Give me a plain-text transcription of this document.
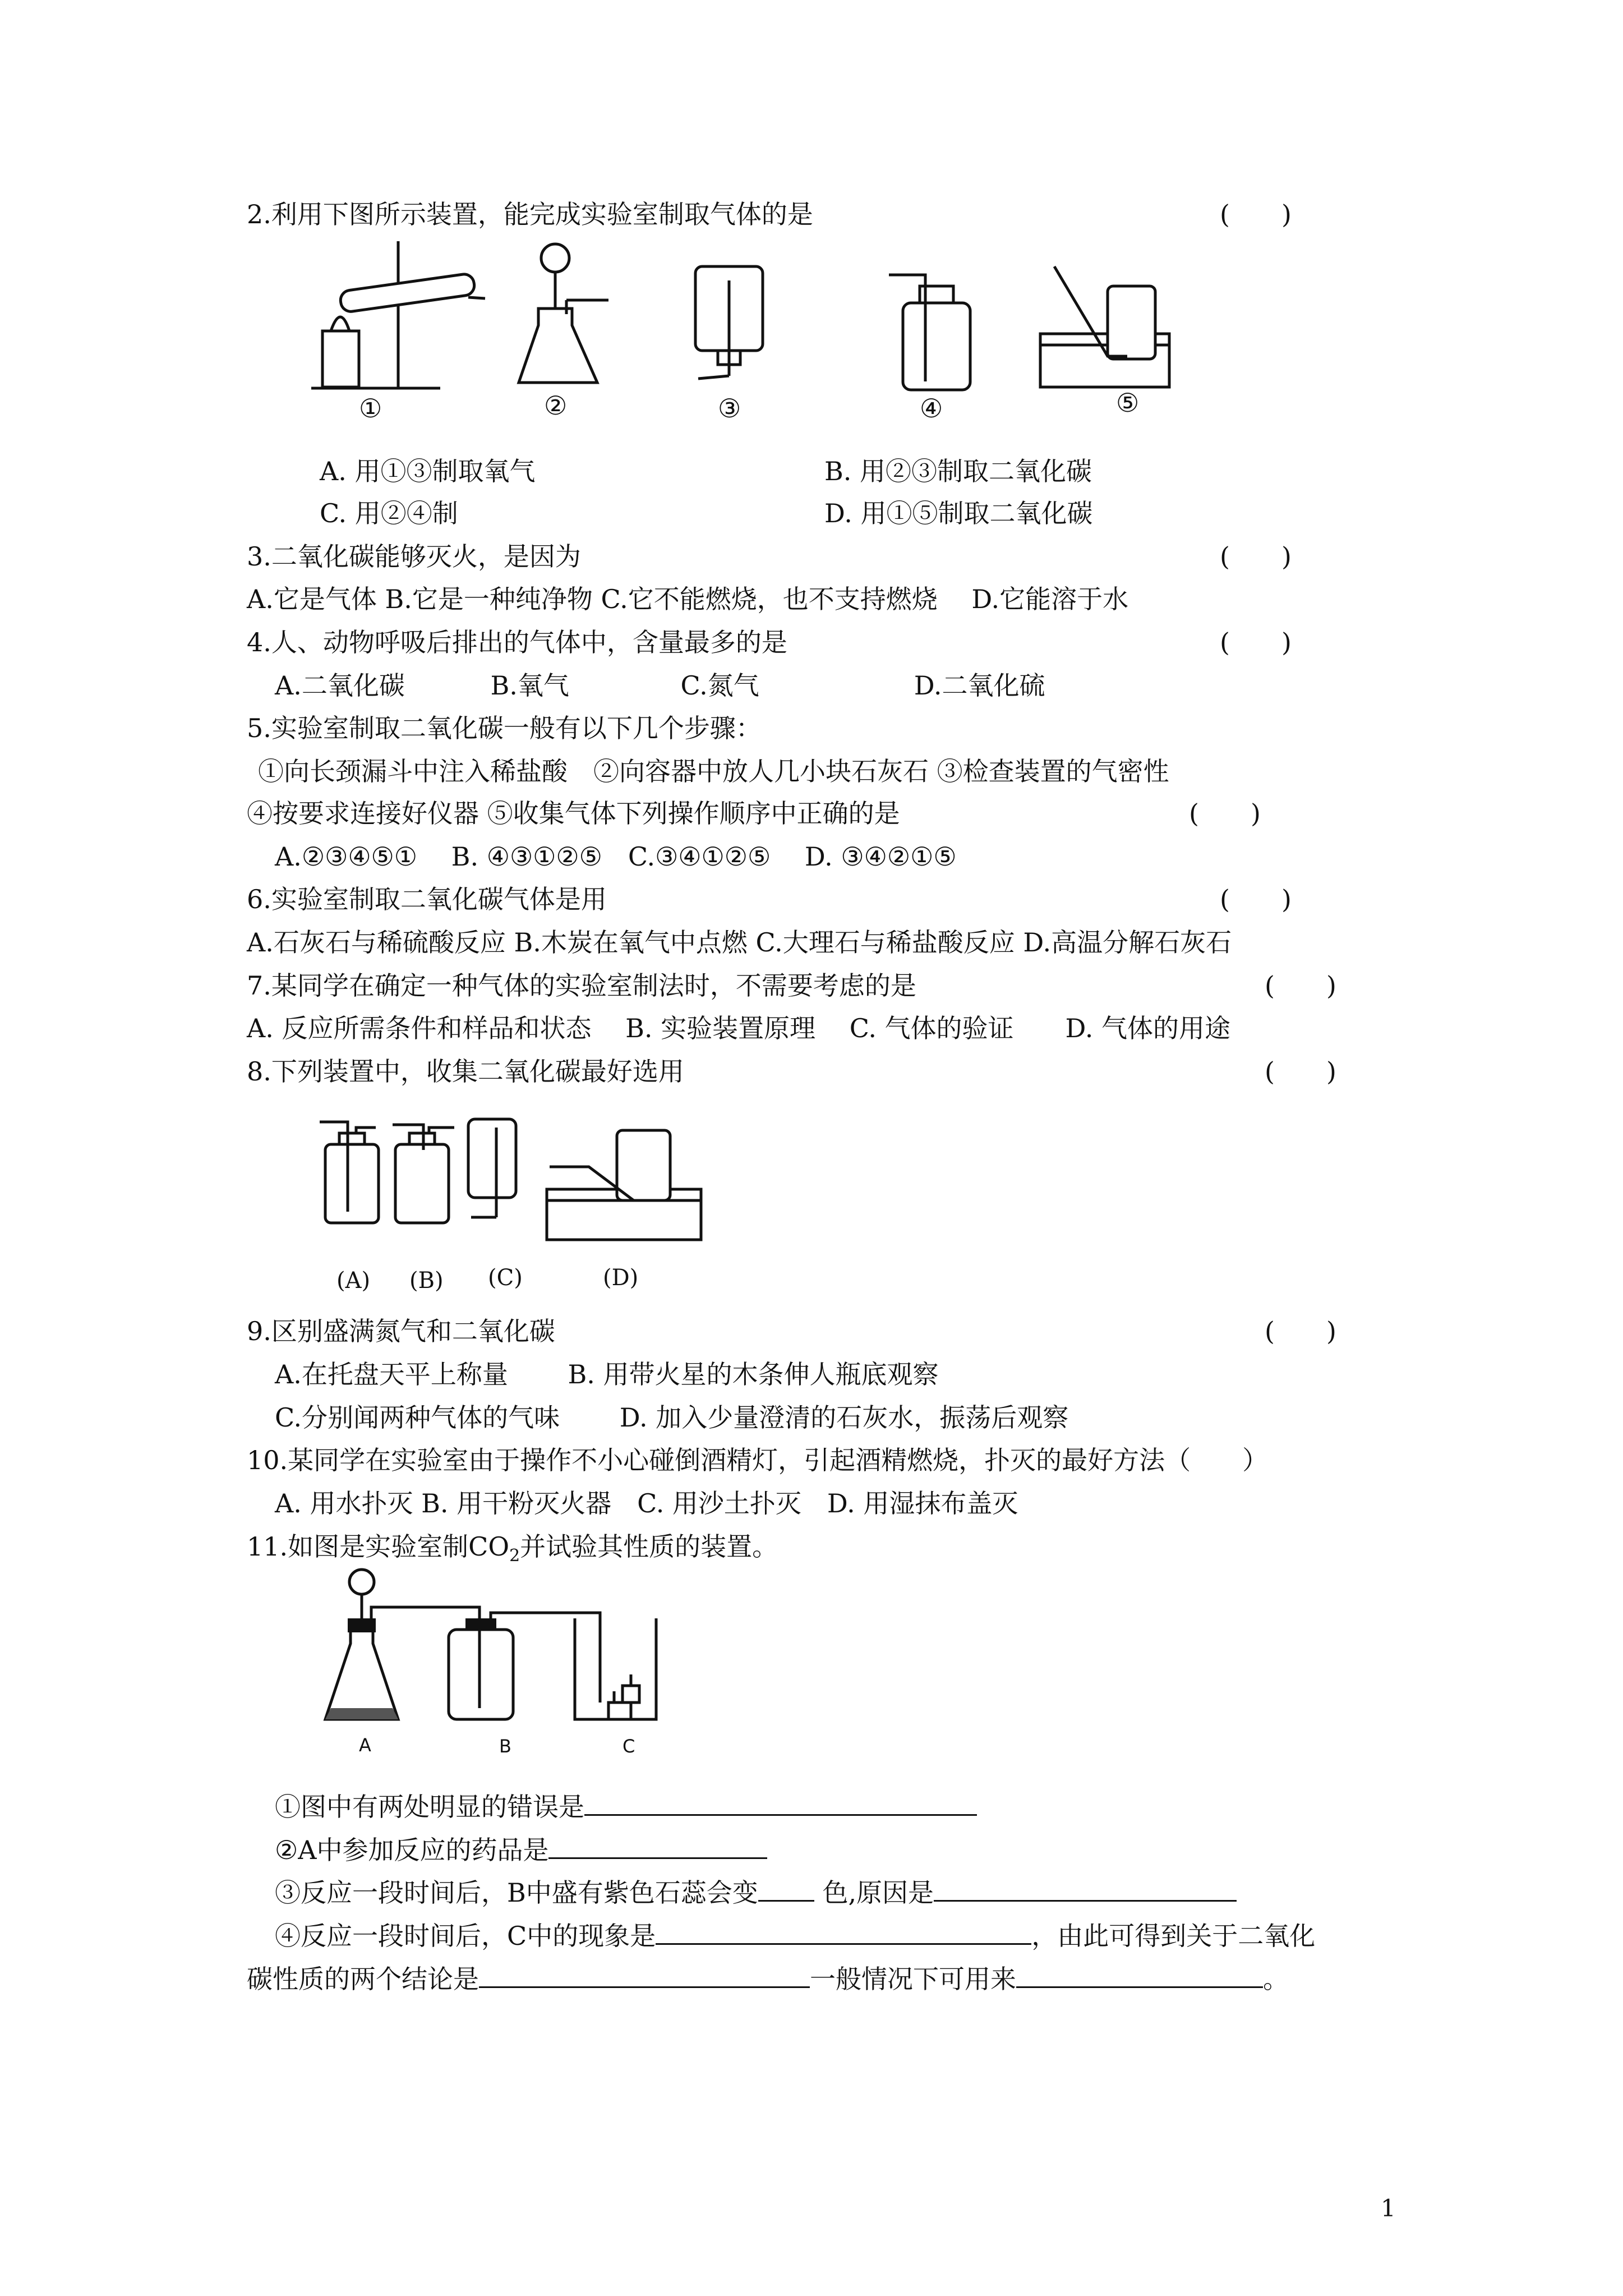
2.利用下图所示装置，能完成实验室制取气体的是	(　　)
①	②	③	④	⑤
A. 用①③制取氧气	B. 用②③制取二氧化碳
C. 用②④制	D. 用①⑤制取二氧化碳
3.二氧化碳能够灭火，是因为	(　　)
A.它是气体 B.它是一种纯净物 C.它不能燃烧，也不支持燃烧　 D.它能溶于水
4.人、动物呼吸后排出的气体中，含量最多的是	(　　)
A.二氧化碳　　　 B.氧气　　　　 C.氮气　　　　　　D.二氧化硫
5.实验室制取二氧化碳一般有以下几个步骤：
①向长颈漏斗中注入稀盐酸　②向容器中放人几小块石灰石 ③检查装置的气密性
④按要求连接好仪器 ⑤收集气体下列操作顺序中正确的是	(　　)
A.②③④⑤①　 B. ④③①②⑤　C.③④①②⑤　 D. ③④②①⑤
6.实验室制取二氧化碳气体是用	(　　)
A.石灰石与稀硫酸反应 B.木炭在氧气中点燃 C.大理石与稀盐酸反应 D.高温分解石灰石
7.某同学在确定一种气体的实验室制法时，不需要考虑的是	(　　)
A. 反应所需条件和样品和状态　 B. 实验装置原理　 C. 气体的验证　　D. 气体的用途
8.下列装置中，收集二氧化碳最好选用	(　　)
(A) (B) (C)	(D)
9.区别盛满氮气和二氧化碳	(　　)
A.在托盘天平上称量　　 B. 用带火星的木条伸人瓶底观察
C.分别闻两种气体的气味　　 D. 加入少量澄清的石灰水，振荡后观察
10.某同学在实验室由于操作不小心碰倒酒精灯，引起酒精燃烧，扑灭的最好方法（　　）
A. 用水扑灭 B. 用干粉灭火器　C. 用沙土扑灭　D. 用湿抹布盖灭
11.如图是实验室制$CO_2$并试验其性质的装置。
A	B	C
①图中有两处明显的错误是
②A中参加反应的药品是
③反应一段时间后，B中盛有紫色石蕊会变 色,原因是
④反应一段时间后，C中的现象是	，由此可得到关于二氧化
碳性质的两个结论是	一般情况下可用来	。
1
